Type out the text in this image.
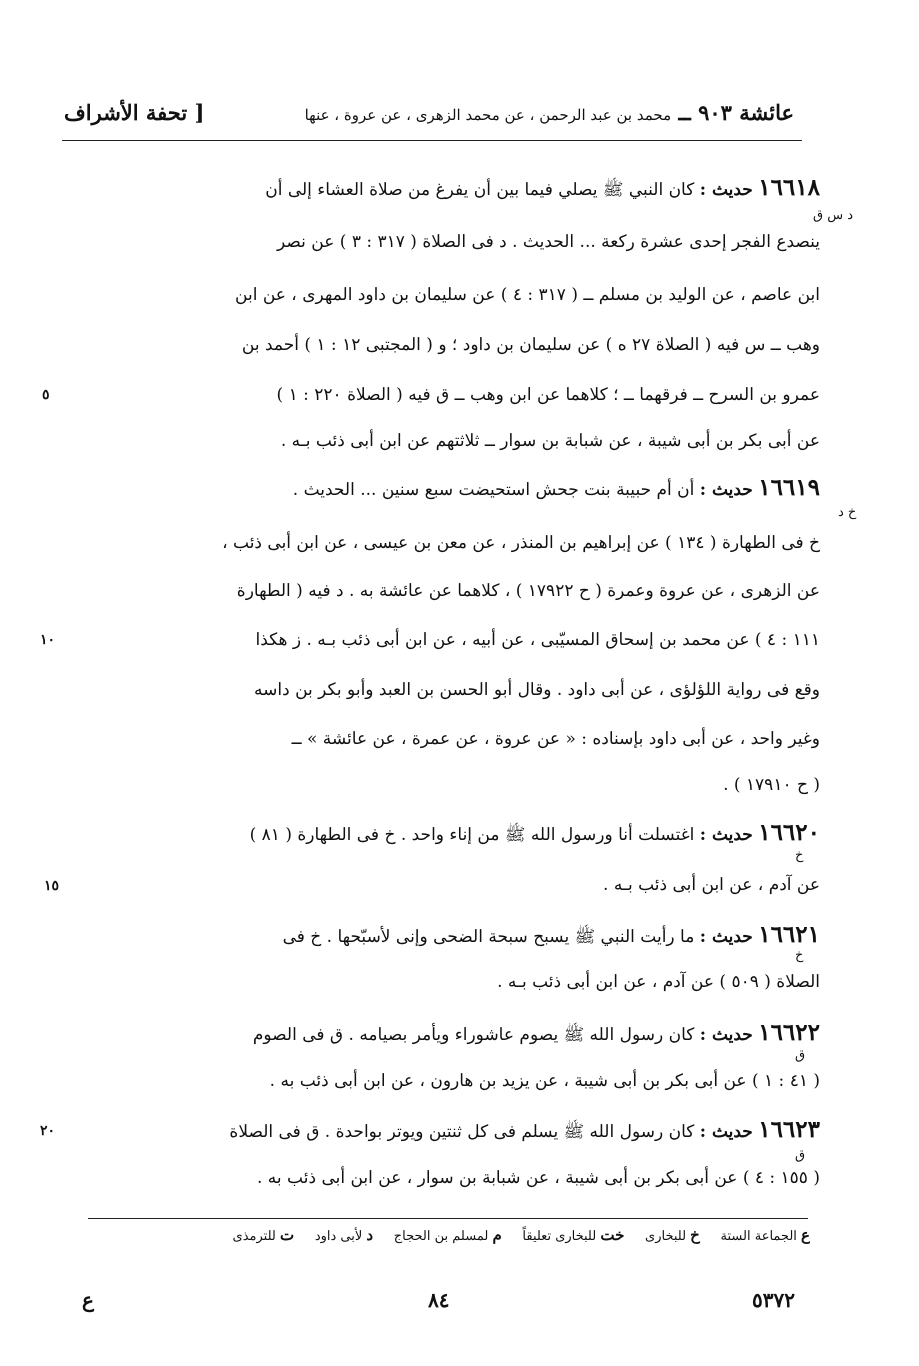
عائشة ٩٠٣ ــ محمد بن عبد الرحمن ، عن محمد الزهرى ، عن عروة ، عنها
[ تحفة الأشراف
١٦٦١٨ حديث : كان النبي ﷺ يصلي فيما بين أن يفرغ من صلاة العشاء إلى أن
ينصدع الفجر إحدى عشرة ركعة ... الحديث . د فى الصلاة ( ٣١٧ : ٣ ) عن نصر
ابن عاصم ، عن الوليد بن مسلم ــ ( ٣١٧ : ٤ ) عن سليمان بن داود المهرى ، عن ابن
وهب ــ س فيه ( الصلاة ٢٧ ه ) عن سليمان بن داود ؛ و ( المجتبى ١٢ : ١ ) أحمد بن
عمرو بن السرح ــ فرقهما ــ ؛ كلاهما عن ابن وهب ــ ق فيه ( الصلاة ٢٢٠ : ١ )
عن أبى بكر بن أبى شيبة ، عن شبابة بن سوار ــ ثلاثتهم عن ابن أبى ذئب بـه .
١٦٦١٩ حديث : أن أم حبيبة بنت جحش استحيضت سبع سنين ... الحديث .
خ فى الطهارة ( ١٣٤ ) عن إبراهيم بن المنذر ، عن معن بن عيسى ، عن ابن أبى ذئب ،
عن الزهرى ، عن عروة وعمرة ( ح ١٧٩٢٢ ) ، كلاهما عن عائشة به . د فيه ( الطهارة
١١١ : ٤ ) عن محمد بن إسحاق المسيّبى ، عن أبيه ، عن ابن أبى ذئب بـه . ز هكذا
وقع فى رواية اللؤلؤى ، عن أبى داود . وقال أبو الحسن بن العبد وأبو بكر بن داسه
وغير واحد ، عن أبى داود بإسناده : « عن عروة ، عن عمرة ، عن عائشة » ــ
( ح ١٧٩١٠ ) .
١٦٦٢٠ حديث : اغتسلت أنا ورسول الله ﷺ من إناء واحد . خ فى الطهارة ( ٨١ )
عن آدم ، عن ابن أبى ذئب بـه .
١٦٦٢١ حديث : ما رأيت النبي ﷺ يسبح سبحة الضحى وإنى لأسبّحها . خ فى
الصلاة ( ٥٠٩ ) عن آدم ، عن ابن أبى ذئب بـه .
١٦٦٢٢ حديث : كان رسول الله ﷺ يصوم عاشوراء ويأمر بصيامه . ق فى الصوم
( ٤١ : ١ ) عن أبى بكر بن أبى شيبة ، عن يزيد بن هارون ، عن ابن أبى ذئب به .
١٦٦٢٣ حديث : كان رسول الله ﷺ يسلم فى كل ثنتين ويوتر بواحدة . ق فى الصلاة
( ١٥٥ : ٤ ) عن أبى بكر بن أبى شيبة ، عن شبابة بن سوار ، عن ابن أبى ذئب به .
د س ق
خ د
خ
خ
ق
ق
٥
١٠
١٥
٢٠
ع الجماعة الستة     خ للبخارى     خت للبخارى تعليقاً     م لمسلم بن الحجاج     د لأبى داود     ت للترمذى
ع	٨٤	٥٣٧٢
